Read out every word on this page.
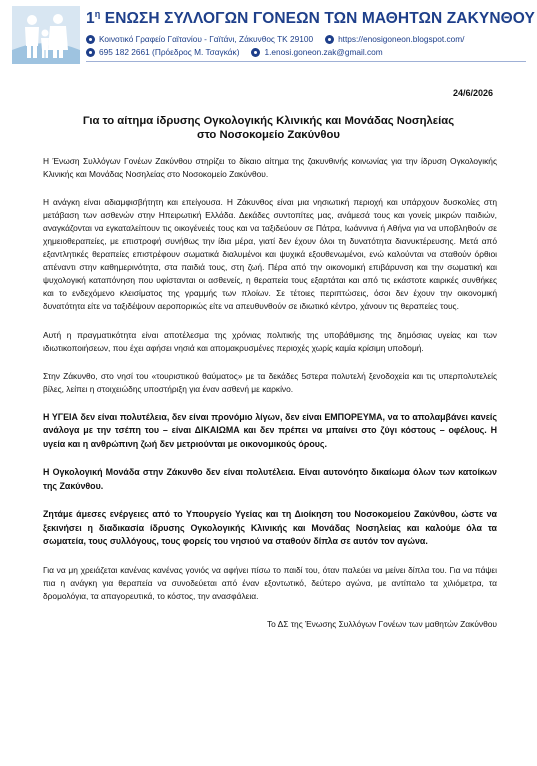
$1^\eta$ ΕΝΩΣΗ ΣΥΛΛΟΓΩΝ ΓΟΝΕΩΝ ΤΩΝ ΜΑΘΗΤΩΝ ΖΑΚΥΝΘΟΥ
Κοινοτικό Γραφείο Γαϊτανίου - Γαϊτάνι, Ζάκυνθος ΤΚ 29100	https://enosigoneon.blogspot.com/
695 182 2661 (Πρόεδρος Μ. Τσαγκάκ)	1.enosi.goneon.zak@gmail.com
24/6/2026
Για το αίτημα ίδρυσης Ογκολογικής Κλινικής και Μονάδας Νοσηλείας
στο Νοσοκομείο Ζακύνθου

Η Ένωση Συλλόγων Γονέων Ζακύνθου στηρίζει το δίκαιο αίτημα της ζακυνθινής κοινωνίας για την ίδρυση Ογκολογικής Κλινικής και Μονάδας Νοσηλείας στο Νοσοκομείο Ζακύνθου.

Η ανάγκη είναι αδιαμφισβήτητη και επείγουσα. Η Ζάκυνθος είναι μια νησιωτική περιοχή και υπάρχουν δυσκολίες στη μετάβαση των ασθενών στην Ηπειρωτική Ελλάδα. Δεκάδες συντοπίτες μας, ανάμεσά τους και γονείς μικρών παιδιών, αναγκάζονται να εγκαταλείπουν τις οικογένειές τους και να ταξιδεύουν σε Πάτρα, Ιωάννινα ή Αθήνα για να υποβληθούν σε χημειοθεραπείες, με επιστροφή συνήθως την ίδια μέρα, γιατί δεν έχουν όλοι τη δυνατότητα διανυκτέρευσης. Μετά από εξαντλητικές θεραπείες επιστρέφουν σωματικά διαλυμένοι και ψυχικά εξουθενωμένοι, ενώ καλούνται να σταθούν όρθιοι απέναντι στην καθημερινότητα, στα παιδιά τους, στη ζωή. Πέρα από την οικονομική επιβάρυνση και την σωματική και ψυχολογική καταπόνηση που υφίστανται οι ασθενείς, η θεραπεία τους εξαρτάται και από τις εκάστοτε καιρικές συνθήκες και το ενδεχόμενο κλεισίματος της γραμμής των πλοίων. Σε τέτοιες περιπτώσεις, όσοι δεν έχουν την οικονομική δυνατότητα είτε να ταξιδέψουν αεροπορικώς είτε να απευθυνθούν σε ιδιωτικό κέντρο, χάνουν τις θεραπείες τους.

Αυτή η πραγματικότητα είναι αποτέλεσμα της χρόνιας πολιτικής της υποβάθμισης της δημόσιας υγείας και των ιδιωτικοποιήσεων, που έχει αφήσει νησιά και απομακρυσμένες περιοχές χωρίς καμία κρίσιμη υποδομή.

Στην Ζάκυνθο, στο νησί του «τουριστικού θαύματος» με τα δεκάδες 5στερα πολυτελή ξενοδοχεία και τις υπερπολυτελείς βίλες, λείπει η στοιχειώδης υποστήριξη για έναν ασθενή με καρκίνο.

Η ΥΓΕΙΑ δεν είναι πολυτέλεια, δεν είναι προνόμιο λίγων, δεν είναι ΕΜΠΟΡΕΥΜΑ, να το απολαμβάνει κανείς ανάλογα με την τσέπη του – είναι ΔΙΚΑΙΩΜΑ και δεν πρέπει να μπαίνει στο ζύγι κόστους – οφέλους. Η υγεία και η ανθρώπινη ζωή δεν μετριούνται με οικονομικούς όρους.

Η Ογκολογική Μονάδα στην Ζάκυνθο δεν είναι πολυτέλεια. Είναι αυτονόητο δικαίωμα όλων των κατοίκων της Ζακύνθου.

Ζητάμε άμεσες ενέργειες από το Υπουργείο Υγείας και τη Διοίκηση του Νοσοκομείου Ζακύνθου, ώστε να ξεκινήσει η διαδικασία ίδρυσης Ογκολογικής Κλινικής και Μονάδας Νοσηλείας και καλούμε όλα τα σωματεία, τους συλλόγους, τους φορείς του νησιού να σταθούν δίπλα σε αυτόν τον αγώνα.

Για να μη χρειάζεται κανένας κανένας γονιός να αφήνει πίσω το παιδί του, όταν παλεύει να μείνει δίπλα του. Για να πάψει πια η ανάγκη για θεραπεία να συνοδεύεται από έναν εξοντωτικό, δεύτερο αγώνα, με αντίπαλο τα χιλιόμετρα, τα δρομολόγια, τα απαγορευτικά, το κόστος, την ανασφάλεια.

Το ΔΣ της Ένωσης Συλλόγων Γονέων των μαθητών Ζακύνθου
